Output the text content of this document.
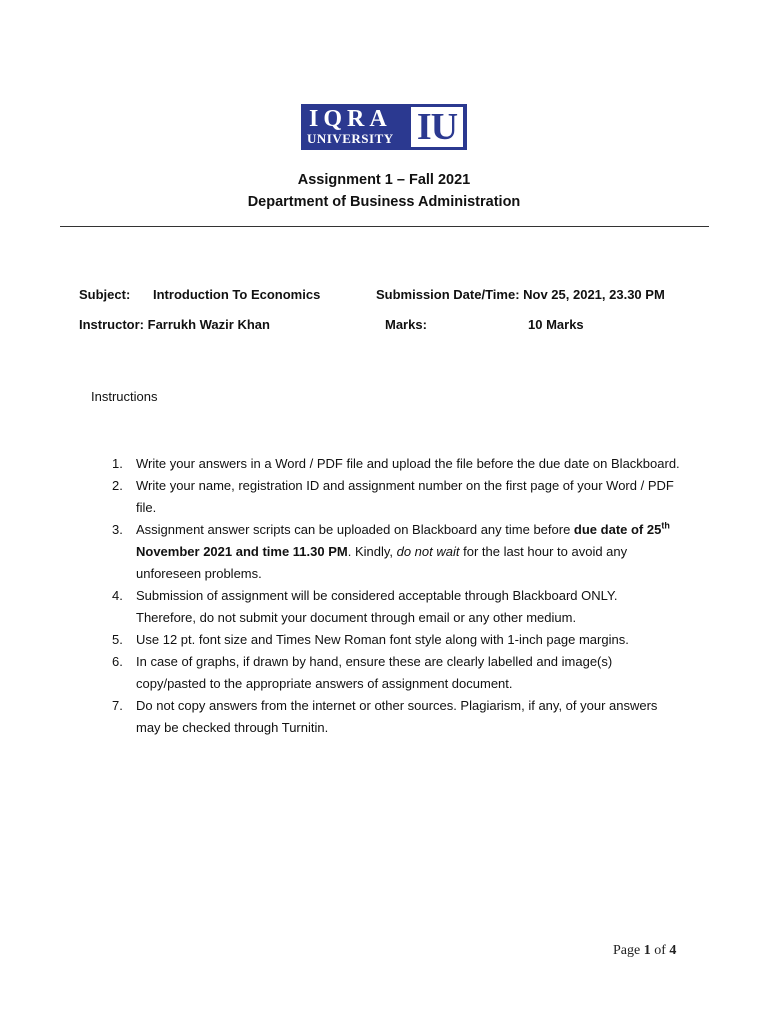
IQRA
UNIVERSITY IU
Assignment 1 – Fall 2021
Department of Business Administration
Subject: Introduction To Economics	Submission Date/Time: Nov 25, 2021, 23.30 PM
Instructor: Farrukh Wazir Khan	Marks:	10 Marks
Instructions
1. Write your answers in a Word / PDF file and upload the file before the due date on Blackboard.
2. Write your name, registration ID and assignment number on the first page of your Word / PDF file.
3. Assignment answer scripts can be uploaded on Blackboard any time before due date of 25th November 2021 and time 11.30 PM. Kindly, do not wait for the last hour to avoid any unforeseen problems.
4. Submission of assignment will be considered acceptable through Blackboard ONLY. Therefore, do not submit your document through email or any other medium.
5. Use 12 pt. font size and Times New Roman font style along with 1-inch page margins.
6. In case of graphs, if drawn by hand, ensure these are clearly labelled and image(s) copy/pasted to the appropriate answers of assignment document.
7. Do not copy answers from the internet or other sources. Plagiarism, if any, of your answers may be checked through Turnitin.
Page 1 of 4
